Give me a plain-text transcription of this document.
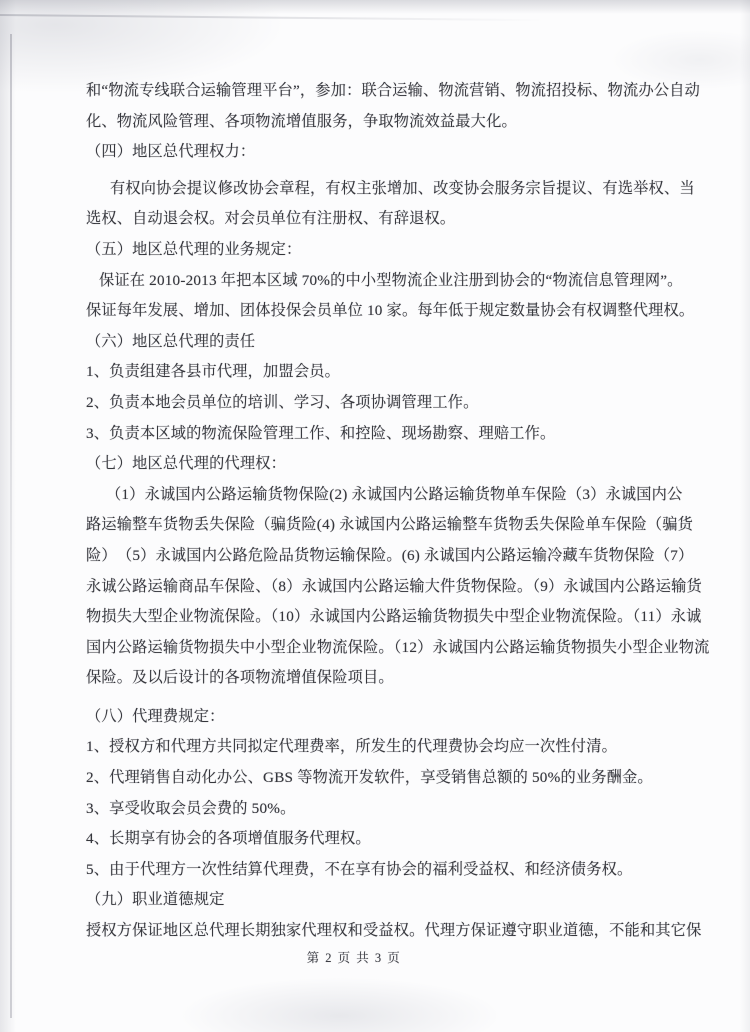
和“物流专线联合运输管理平台”，参加：联合运输、物流营销、物流招投标、物流办公自动
化、物流风险管理、各项物流增值服务，争取物流效益最大化。
（四）地区总代理权力：
有权向协会提议修改协会章程，有权主张增加、改变协会服务宗旨提议、有选举权、当
选权、自动退会权。对会员单位有注册权、有辞退权。
（五）地区总代理的业务规定：
保证在 2010-2013 年把本区域 70%的中小型物流企业注册到协会的“物流信息管理网”。
保证每年发展、增加、团体投保会员单位 10 家。每年低于规定数量协会有权调整代理权。
（六）地区总代理的责任
1、负责组建各县市代理，加盟会员。
2、负责本地会员单位的培训、学习、各项协调管理工作。
3、负责本区域的物流保险管理工作、和控险、现场勘察、理赔工作。
（七）地区总代理的代理权：
（1）永诚国内公路运输货物保险(2) 永诚国内公路运输货物单车保险（3）永诚国内公
路运输整车货物丢失保险（骗货险(4) 永诚国内公路运输整车货物丢失保险单车保险（骗货
险）　（5）永诚国内公路危险品货物运输保险。(6) 永诚国内公路运输冷藏车货物保险（7）
永诚公路运输商品车保险、（8）永诚国内公路运输大件货物保险。（9）永诚国内公路运输货
物损失大型企业物流保险。（10）永诚国内公路运输货物损失中型企业物流保险。（11）永诚
国内公路运输货物损失中小型企业物流保险。（12）永诚国内公路运输货物损失小型企业物流
保险。及以后设计的各项物流增值保险项目。
（八）代理费规定：
1、授权方和代理方共同拟定代理费率，所发生的代理费协会均应一次性付清。
2、代理销售自动化办公、GBS 等物流开发软件，享受销售总额的 50%的业务酬金。
3、享受收取会员会费的 50%。
4、长期享有协会的各项增值服务代理权。
5、由于代理方一次性结算代理费，不在享有协会的福利受益权、和经济债务权。
（九）职业道德规定
授权方保证地区总代理长期独家代理权和受益权。代理方保证遵守职业道德，不能和其它保
第 2 页 共 3 页
